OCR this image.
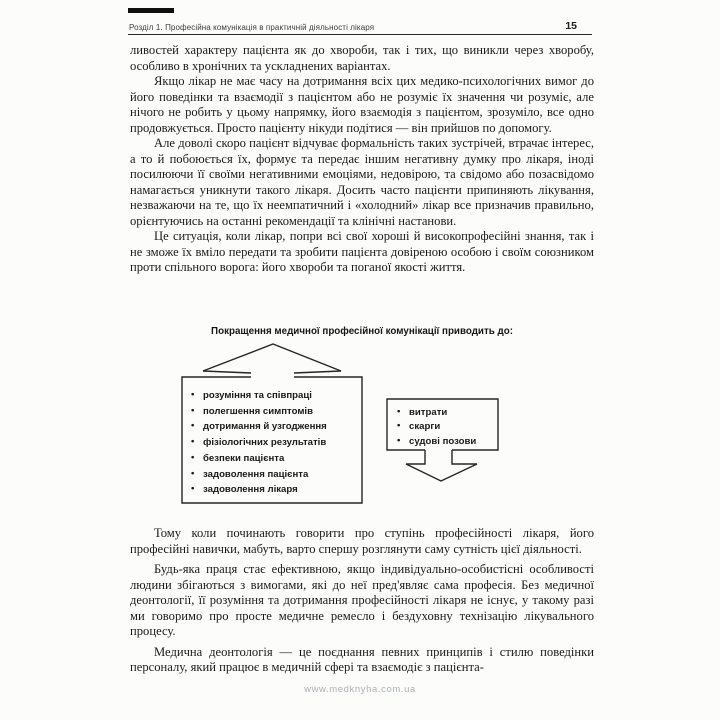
Розділ 1. Професійна комунікація в практичній діяльності лікаря	15

ливостей характеру пацієнта як до хвороби, так і тих, що виникли через хворобу, особливо в хронічних та ускладнених варіантах.

Якщо лікар не має часу на дотримання всіх цих медико-психологічних вимог до його поведінки та взаємодії з пацієнтом або не розуміє їх значення чи розуміє, але нічого не робить у цьому напрямку, його взаємодія з пацієнтом, зрозуміло, все одно продовжується. Просто пацієнту нікуди подітися — він прийшов по допомогу.

Але доволі скоро пацієнт відчуває формальність таких зустрічей, втрачає інтерес, а то й побоюється їх, формує та передає іншим негативну думку про лікаря, іноді посилюючи її своїми негативними емоціями, недовірою, та свідомо або позасвідомо намагається уникнути такого лікаря. Досить часто пацієнти припиняють лікування, незважаючи на те, що їх неемпатичний і «холодний» лікар все призначив правильно, орієнтуючись на останні рекомендації та клінічні настанови.

Це ситуація, коли лікар, попри всі свої хороші й високопрофесійні знання, так і не зможе їх вміло передати та зробити пацієнта довіреною особою і своїм союзником проти спільного ворога: його хвороби та поганої якості життя.

Покращення медичної професійної комунікації приводить до:
• розуміння та співпраці
• полегшення симптомів
• дотримання й узгодження
• фізіологічних результатів
• безпеки пацієнта
• задоволення пацієнта
• задоволення лікаря
• витрати
• скарги
• судові позови

Тому коли починають говорити про ступінь професійності лікаря, його професійні навички, мабуть, варто спершу розглянути саму сутність цієї діяльності.

Будь-яка праця стає ефективною, якщо індивідуально-особистісні особливості людини збігаються з вимогами, які до неї пред'являє сама професія. Без медичної деонтології, її розуміння та дотримання професійності лікаря не існує, у такому разі ми говоримо про просте медичне ремесло і бездуховну технізацію лікувального процесу.

Медична деонтологія — це поєднання певних принципів і стилю поведінки персоналу, який працює в медичній сфері та взаємодіє з пацієнта-

www.medknyha.com.ua
